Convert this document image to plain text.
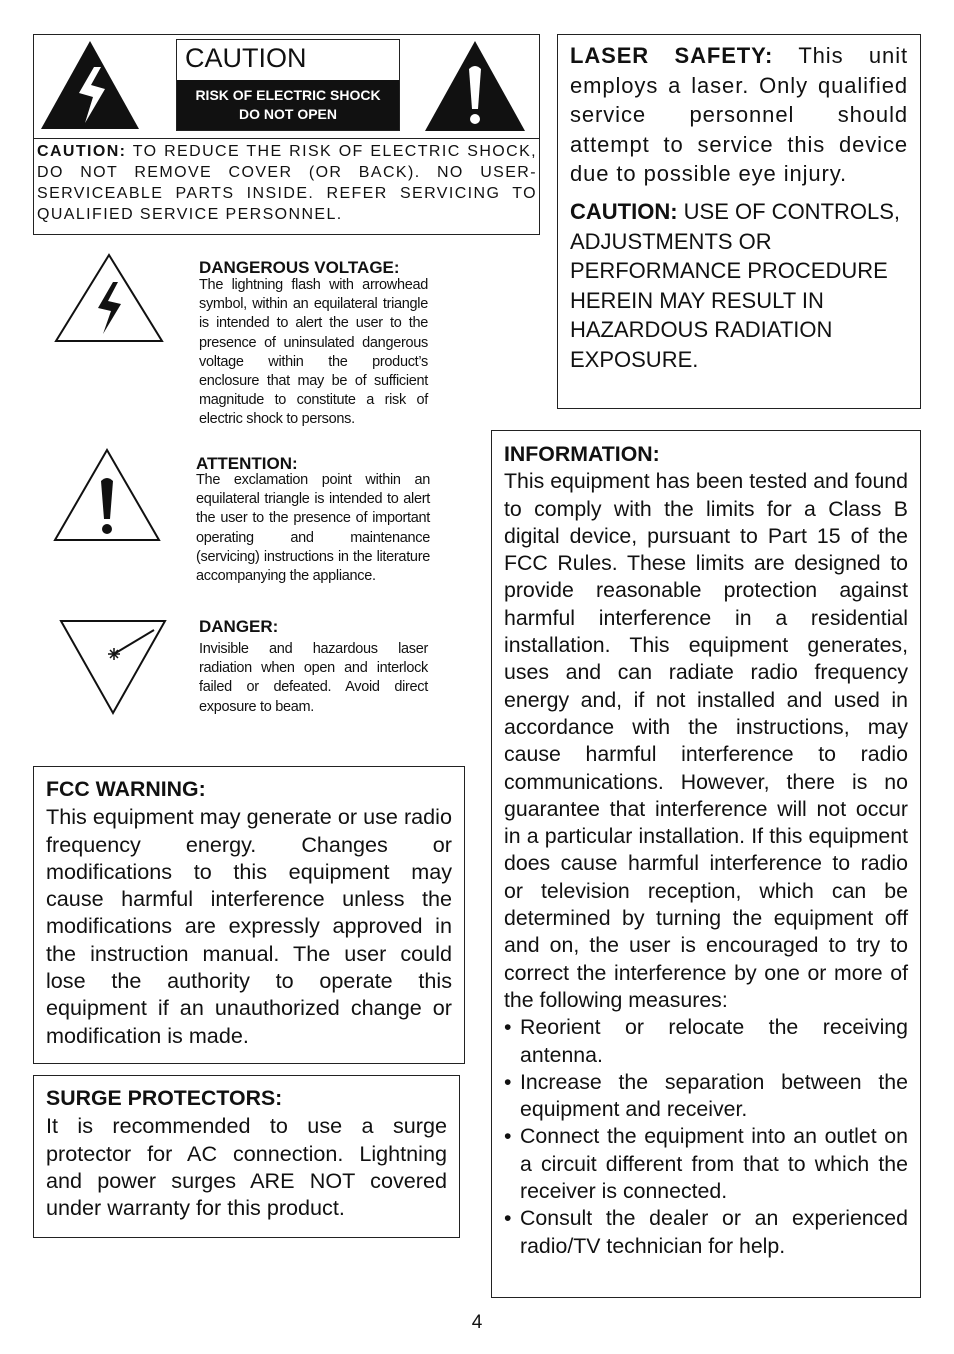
CAUTION
RISK OF ELECTRIC SHOCK
DO NOT OPEN
CAUTION: TO REDUCE THE RISK OF ELECTRIC SHOCK, DO NOT REMOVE COVER (OR BACK). NO USER-SERVICEABLE PARTS INSIDE. REFER SERVICING TO QUALIFIED SERVICE PERSONNEL.
DANGEROUS VOLTAGE:
The lightning flash with arrowhead symbol, within an equilateral triangle is intended to alert the user to the presence of uninsulated dangerous voltage within the product’s enclosure that may be of sufficient magnitude to constitute a risk of electric shock to persons.
ATTENTION:
The exclamation point within an equilateral triangle is intended to alert the user to the presence of important operating and maintenance (servicing) instructions in the literature accompanying the appliance.
DANGER:
Invisible and hazardous laser radiation when open and interlock failed or defeated. Avoid direct exposure to beam.

LASER SAFETY: This unit employs a laser. Only qualified service personnel should attempt to service this device due to possible eye injury.

CAUTION: USE OF CONTROLS, ADJUSTMENTS OR PERFORMANCE PROCEDURE HEREIN MAY RESULT IN HAZARDOUS RADIATION EXPOSURE.

INFORMATION:

This equipment has been tested and found to comply with the limits for a Class B digital device, pursuant to Part 15 of the FCC Rules. These limits are designed to provide reasonable protection against harmful interference in a residential installation. This equipment generates, uses and can radiate radio frequency energy and, if not installed and used in accordance with the instructions, may cause harmful interference to radio communications. However, there is no guarantee that interference will not occur in a particular installation. If this equipment does cause harmful interference to radio or television reception, which can be determined by turning the equipment off and on, the user is encouraged to try to correct the interference by one or more of the following measures:

• Reorient or relocate the receiving antenna.
• Increase the separation between the equipment and receiver.
• Connect the equipment into an outlet on a circuit different from that to which the receiver is connected.
• Consult the dealer or an experienced radio/TV technician for help.
FCC WARNING:

This equipment may generate or use radio frequency energy. Changes or modifications to this equipment may cause harmful interference unless the modifications are expressly approved in the instruction manual. The user could lose the authority to operate this equipment if an unauthorized change or modification is made.

SURGE PROTECTORS:

It is recommended to use a surge protector for AC connection. Lightning and power surges ARE NOT covered under warranty for this product.

4
